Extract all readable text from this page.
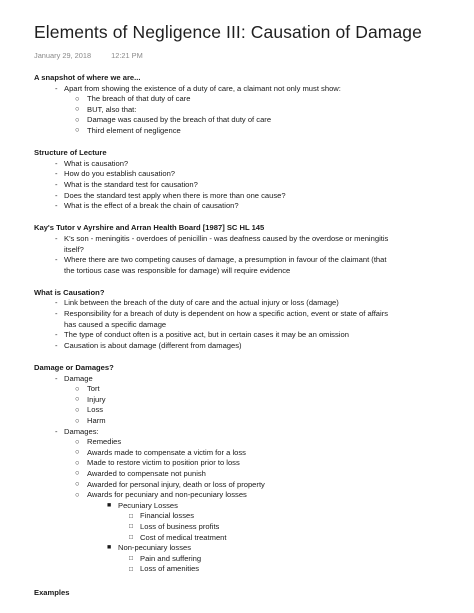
Elements of Negligence III: Causation of Damage
January 29, 2018	12:21 PM

A snapshot of where we are...

- Apart from showing the existence of a duty of care, a claimant not only must show:
○ The breach of that duty of care
○ BUT, also that:
○ Damage was caused by the breach of that duty of care
○ Third element of negligence

Structure of Lecture

- What is causation?
- How do you establish causation?
- What is the standard test for causation?
- Does the standard test apply when there is more than one cause?
- What is the effect of a break the chain of causation?

Kay's Tutor v Ayrshire and Arran Health Board [1987] SC HL 145

- K's son - meningitis - overdoes of penicillin - was deafness caused by the overdose or meningitis
itself?
- Where there are two competing causes of damage, a presumption in favour of the claimant (that
the tortious case was responsible for damage) will require evidence

What is Causation?

- Link between the breach of the duty of care and the actual injury or loss (damage)
- Responsibility for a breach of duty is dependent on how a specific action, event or state of affairs
has caused a specific damage
- The type of conduct often is a positive act, but in certain cases it may be an omission
- Causation is about damage (different from damages)

Damage or Damages?

- Damage
○ Tort
○ Injury
○ Loss
○ Harm
- Damages:
○ Remedies
○ Awards made to compensate a victim for a loss
○ Made to restore victim to position prior to loss
○ Awarded to compensate not punish
○ Awarded for personal injury, death or loss of property
○ Awards for pecuniary and non-pecuniary losses
■ Pecuniary Losses
□ Financial losses
□ Loss of business profits
□ Cost of medical treatment
■ Non-pecuniary losses
□ Pain and suffering
□ Loss of amenities

Examples
